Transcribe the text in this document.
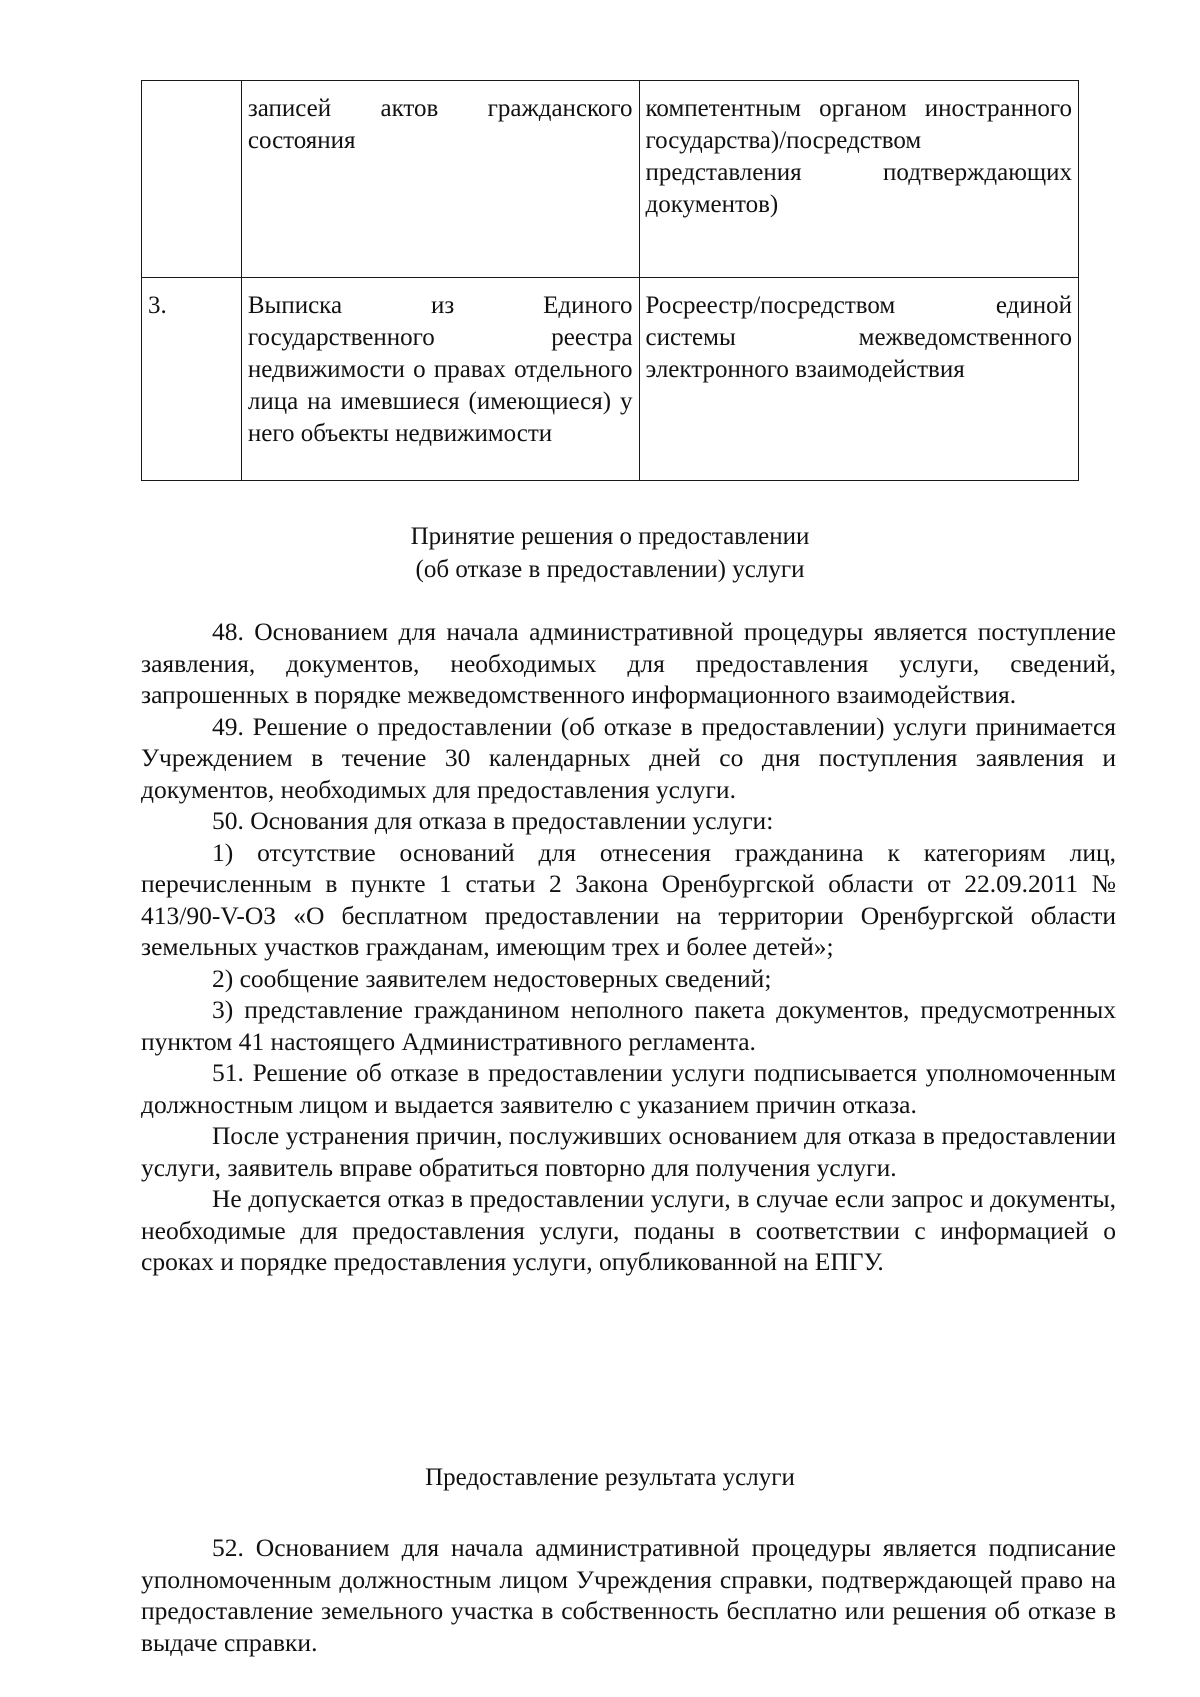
	записей актов гражданского состояния	компетентным органом иностранного государства)/посредством представления подтверждающих документов)
3.	Выписка из Единого государственного реестра недвижимости о правах отдельного лица на имевшиеся (имеющиеся) у него объекты недвижимости	Росреестр/посредством единой системы межведомственного электронного взаимодействия
Принятие решения о предоставлении
(об отказе в предоставлении) услуги

48. Основанием для начала административной процедуры является поступление заявления, документов, необходимых для предоставления услуги, сведений, запрошенных в порядке межведомственного информационного взаимодействия.

49. Решение о предоставлении (об отказе в предоставлении) услуги принимается Учреждением в течение 30 календарных дней со дня поступления заявления и документов, необходимых для предоставления услуги.

50. Основания для отказа в предоставлении услуги:

1) отсутствие оснований для отнесения гражданина к категориям лиц, перечисленным в пункте 1 статьи 2 Закона Оренбургской области от 22.09.2011 № 413/90-V-ОЗ «О бесплатном предоставлении на территории Оренбургской области земельных участков гражданам, имеющим трех и более детей»;

2) сообщение заявителем недостоверных сведений;

3) представление гражданином неполного пакета документов, предусмотренных пунктом 41 настоящего Административного регламента.

51. Решение об отказе в предоставлении услуги подписывается уполномоченным должностным лицом и выдается заявителю с указанием причин отказа.

После устранения причин, послуживших основанием для отказа в предоставлении услуги, заявитель вправе обратиться повторно для получения услуги.

Не допускается отказ в предоставлении услуги, в случае если запрос и документы, необходимые для предоставления услуги, поданы в соответствии с информацией о сроках и порядке предоставления услуги, опубликованной на ЕПГУ.

Предоставление результата услуги

52. Основанием для начала административной процедуры является подписание уполномоченным должностным лицом Учреждения справки, подтверждающей право на предоставление земельного участка в собственность бесплатно или решения об отказе в выдаче справки.
